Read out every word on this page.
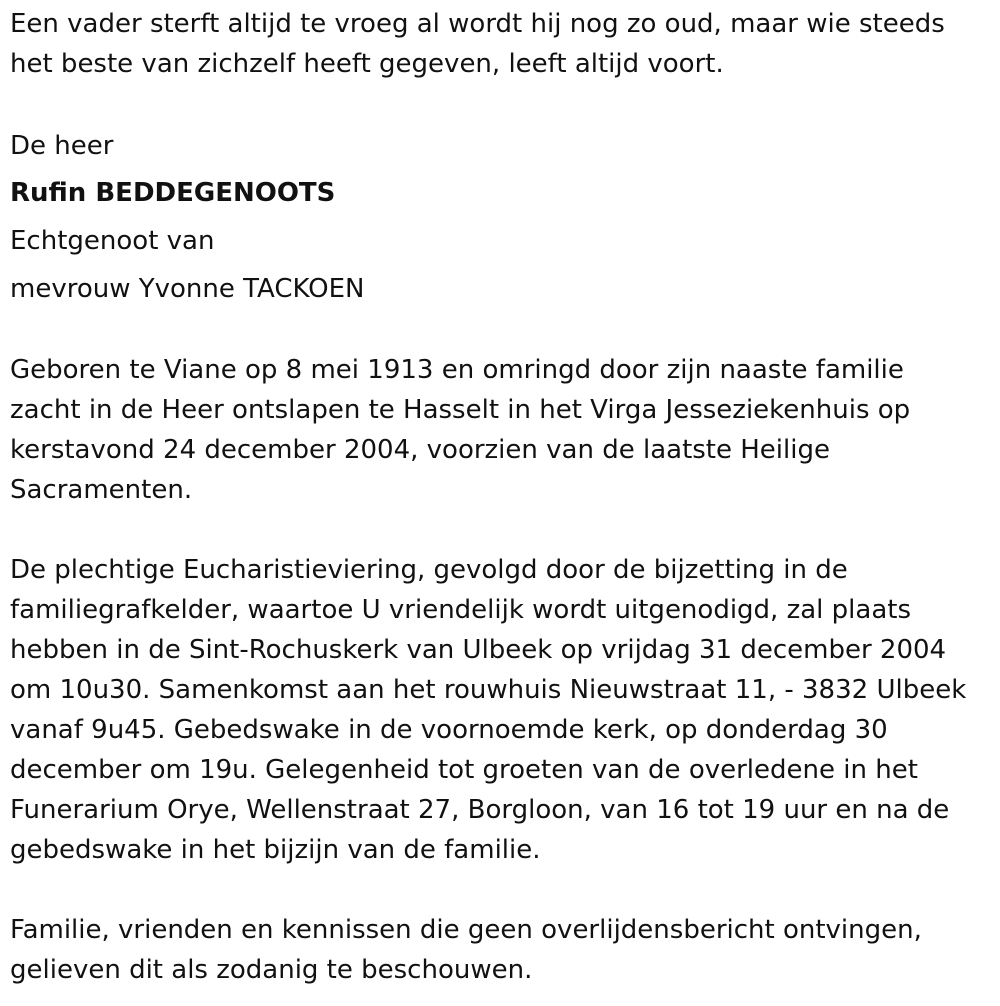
Een vader sterft altijd te vroeg al wordt hij nog zo oud, maar wie steeds
het beste van zichzelf heeft gegeven, leeft altijd voort.
De heer
Rufin BEDDEGENOOTS
Echtgenoot van
mevrouw Yvonne TACKOEN
Geboren te Viane op 8 mei 1913 en omringd door zijn naaste familie
zacht in de Heer ontslapen te Hasselt in het Virga Jesseziekenhuis op
kerstavond 24 december 2004, voorzien van de laatste Heilige
Sacramenten.
De plechtige Eucharistieviering, gevolgd door de bijzetting in de
familiegrafkelder, waartoe U vriendelijk wordt uitgenodigd, zal plaats
hebben in de Sint-Rochuskerk van Ulbeek op vrijdag 31 december 2004
om 10u30. Samenkomst aan het rouwhuis Nieuwstraat 11, - 3832 Ulbeek
vanaf 9u45. Gebedswake in de voornoemde kerk, op donderdag 30
december om 19u. Gelegenheid tot groeten van de overledene in het
Funerarium Orye, Wellenstraat 27, Borgloon, van 16 tot 19 uur en na de
gebedswake in het bijzijn van de familie.
Familie, vrienden en kennissen die geen overlijdensbericht ontvingen,
gelieven dit als zodanig te beschouwen.
